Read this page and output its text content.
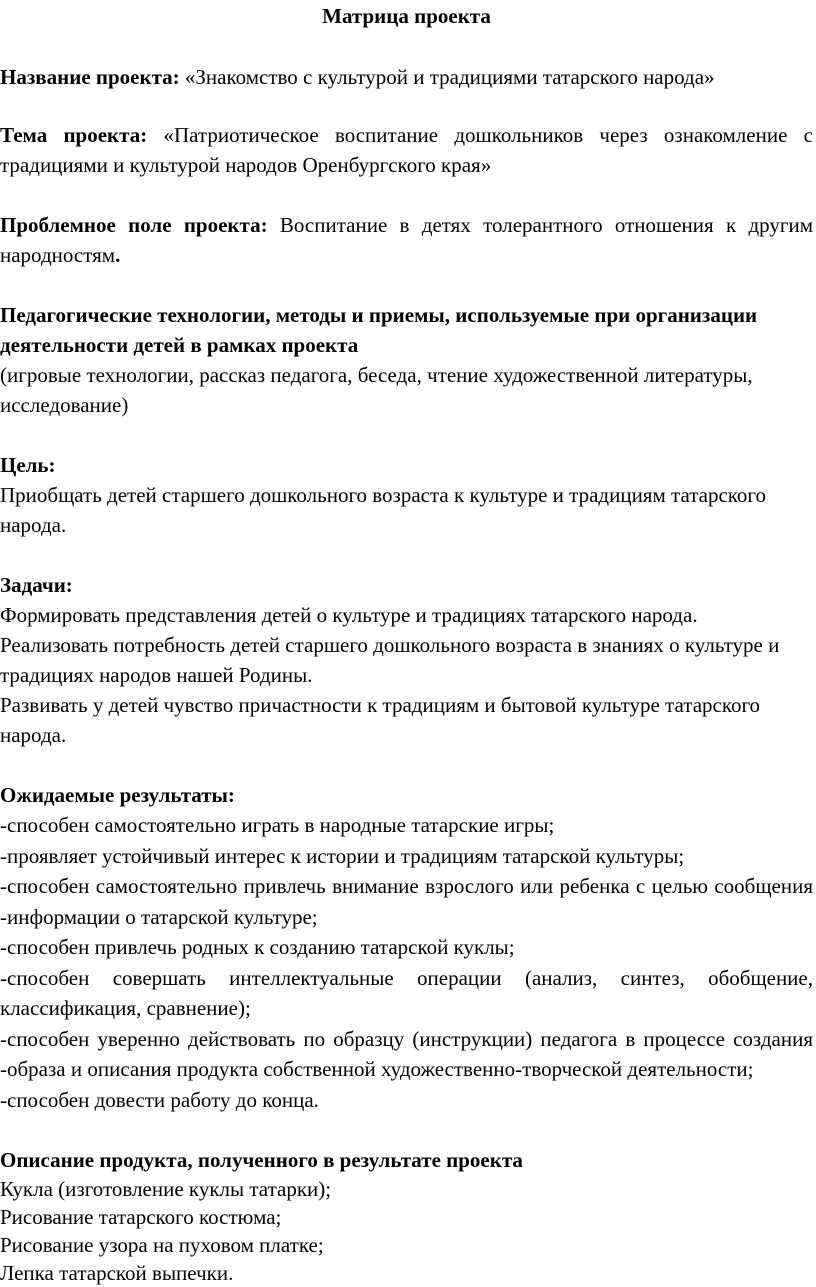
Матрица проекта

Название проекта: «Знакомство с культурой и традициями татарского народа»

Тема проекта: «Патриотическое воспитание дошкольников через ознакомление с традициями и культурой народов Оренбургского края»

Проблемное поле проекта: Воспитание в детях толерантного отношения к другим народностям.

Педагогические технологии, методы и приемы, используемые при организации деятельности детей в рамках проекта
(игровые технологии, рассказ педагога, беседа, чтение художественной литературы, исследование)
Цель:
Приобщать детей старшего дошкольного возраста к культуре и традициям татарского народа.
Задачи:
Формировать представления детей о культуре и традициях татарского народа.
Реализовать потребность детей старшего дошкольного возраста в знаниях о культуре и традициях народов нашей Родины.
Развивать у детей чувство причастности к традициям и бытовой культуре татарского народа.
Ожидаемые результаты:
-способен самостоятельно играть в народные татарские игры;
-проявляет устойчивый интерес к истории и традициям татарской культуры;
-способен самостоятельно привлечь внимание взрослого или ребенка с целью сообщения -информации о татарской культуре;
-способен привлечь родных к созданию татарской куклы;
-способен совершать интеллектуальные операции (анализ, синтез, обобщение, классификация, сравнение);
-способен уверенно действовать по образцу (инструкции) педагога в процессе создания -образа и описания продукта собственной художественно-творческой деятельности;
-способен довести работу до конца.
Описание продукта, полученного в результате проекта
Кукла (изготовление куклы татарки);
Рисование татарского костюма;
Рисование узора на пуховом платке;
Лепка татарской выпечки.
